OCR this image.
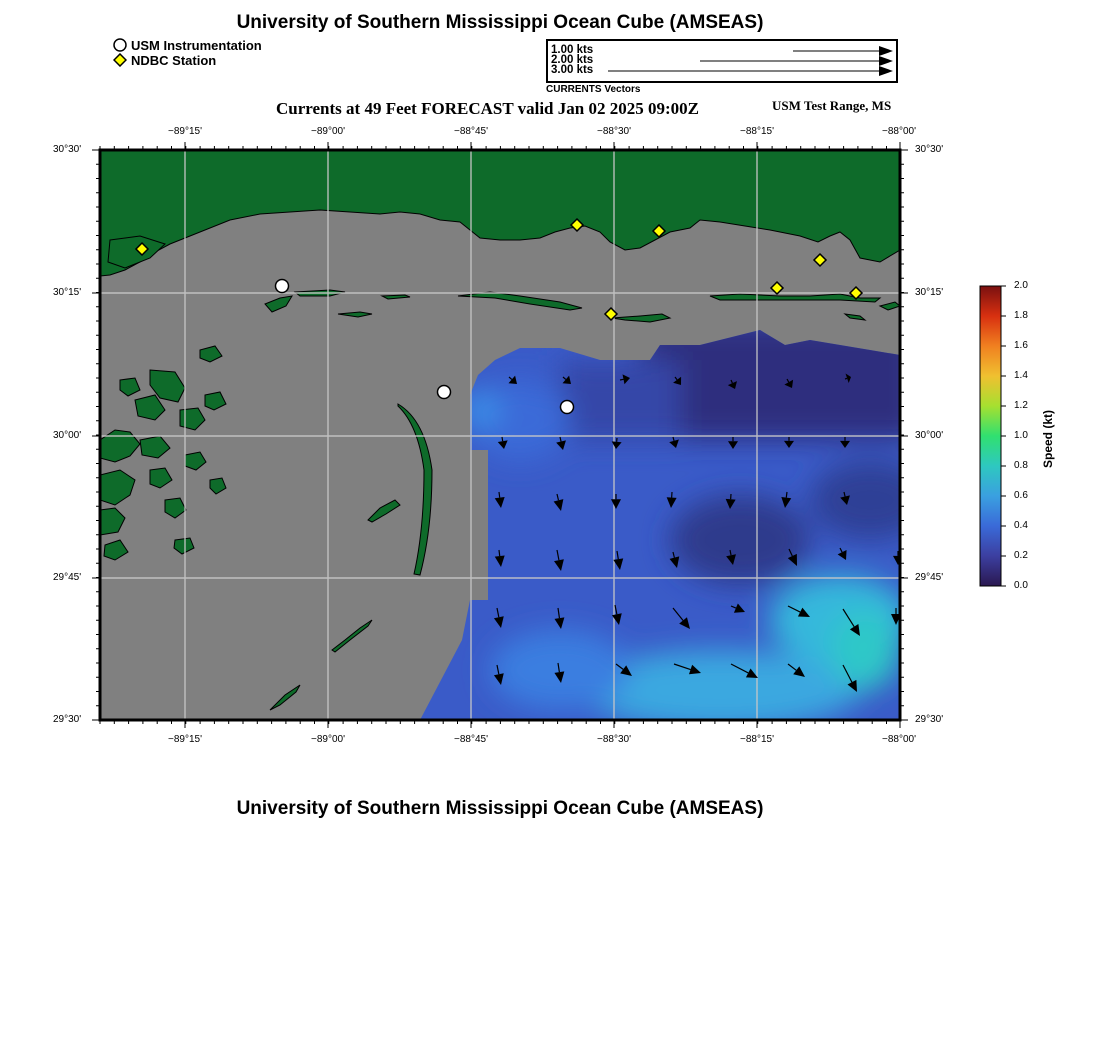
University of Southern Mississippi Ocean Cube (AMSEAS)
USM Instrumentation
NDBC Station
1.00 kts
2.00 kts
3.00 kts
CURRENTS Vectors
Currents at 49 Feet FORECAST valid Jan 02 2025 09:00Z	USM Test Range, MS
−89°15'	−89°00'	−88°45'	−88°30'	−88°15'	−88°00'
−89°15'	−89°00'	−88°45'	−88°30'	−88°15'	−88°00'
30°30'
30°15'
30°00'
29°45'
29°30'
30°30'
30°15'
30°00'
29°45'
29°30'
2.0
1.8
1.6
1.4
1.2
1.0
0.8
0.6
0.4
0.2
0.0
Speed (kt)
University of Southern Mississippi Ocean Cube (AMSEAS)
